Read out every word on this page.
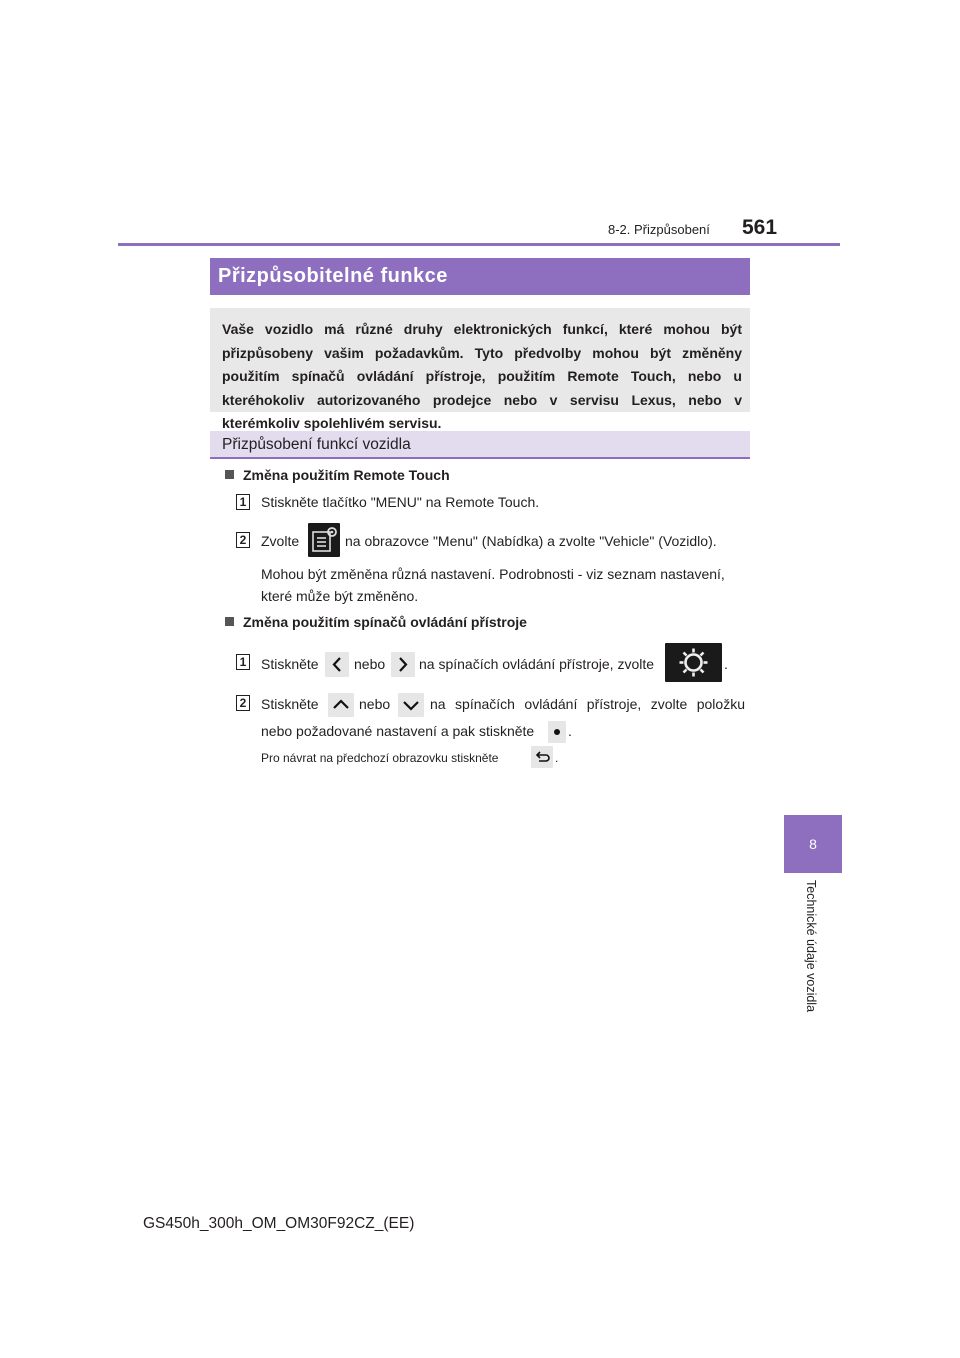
8-2. Přizpůsobení 561
8
Technické údaje vozidla
Přizpůsobitelné funkce
Vaše vozidlo má různé druhy elektronických funkcí, které mohou být přizpůsobeny vašim požadavkům. Tyto předvolby mohou být změněny použitím spínačů ovládání přístroje, použitím Remote Touch, nebo u kteréhokoliv autorizovaného prodejce nebo v servisu Lexus, nebo v kterémkoliv spolehlivém servisu.
Přizpůsobení funkcí vozidla
Změna použitím Remote Touch
1 Stiskněte tlačítko "MENU" na Remote Touch.
2 Zvolte	na obrazovce "Menu" (Nabídka) a zvolte "Vehicle" (Vozidlo).
Mohou být změněna různá nastavení. Podrobnosti - viz seznam nastavení,
které může být změněno.
Změna použitím spínačů ovládání přístroje
1 Stiskněte	nebo na spínačích ovládání přístroje, zvolte	.
2 Stiskněte	nebo	na spínačích ovládání přístroje, zvolte položku
nebo požadované nastavení a pak stiskněte .
Pro návrat na předchozí obrazovku stiskněte	.
GS450h_300h_OM_OM30F92CZ_(EE)
